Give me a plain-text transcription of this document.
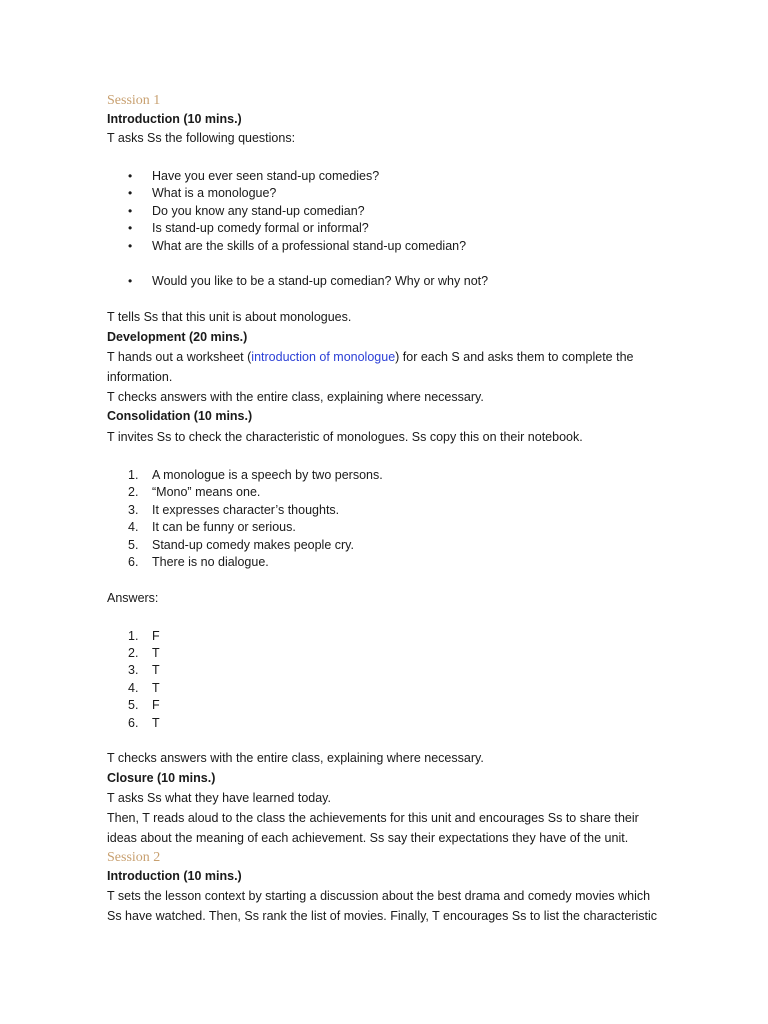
Session 1
Introduction (10 mins.)
T asks Ss the following questions:
• Have you ever seen stand-up comedies?
• What is a monologue?
• Do you know any stand-up comedian?
• Is stand-up comedy formal or informal?
• What are the skills of a professional stand-up comedian?
• Would you like to be a stand-up comedian? Why or why not?
T tells Ss that this unit is about monologues.
Development (20 mins.)
T hands out a worksheet (introduction of monologue) for each S and asks them to complete the
information.
T checks answers with the entire class, explaining where necessary.
Consolidation (10 mins.)
T invites Ss to check the characteristic of monologues. Ss copy this on their notebook.
1. A monologue is a speech by two persons.
2. “Mono” means one.
3. It expresses character’s thoughts.
4. It can be funny or serious.
5. Stand-up comedy makes people cry.
6. There is no dialogue.
Answers:
1. F
2. T
3. T
4. T
5. F
6. T
T checks answers with the entire class, explaining where necessary.
Closure (10 mins.)
T asks Ss what they have learned today.
Then, T reads aloud to the class the achievements for this unit and encourages Ss to share their
ideas about the meaning of each achievement. Ss say their expectations they have of the unit.
Session 2
Introduction (10 mins.)
T sets the lesson context by starting a discussion about the best drama and comedy movies which
Ss have watched. Then, Ss rank the list of movies. Finally, T encourages Ss to list the characteristic
